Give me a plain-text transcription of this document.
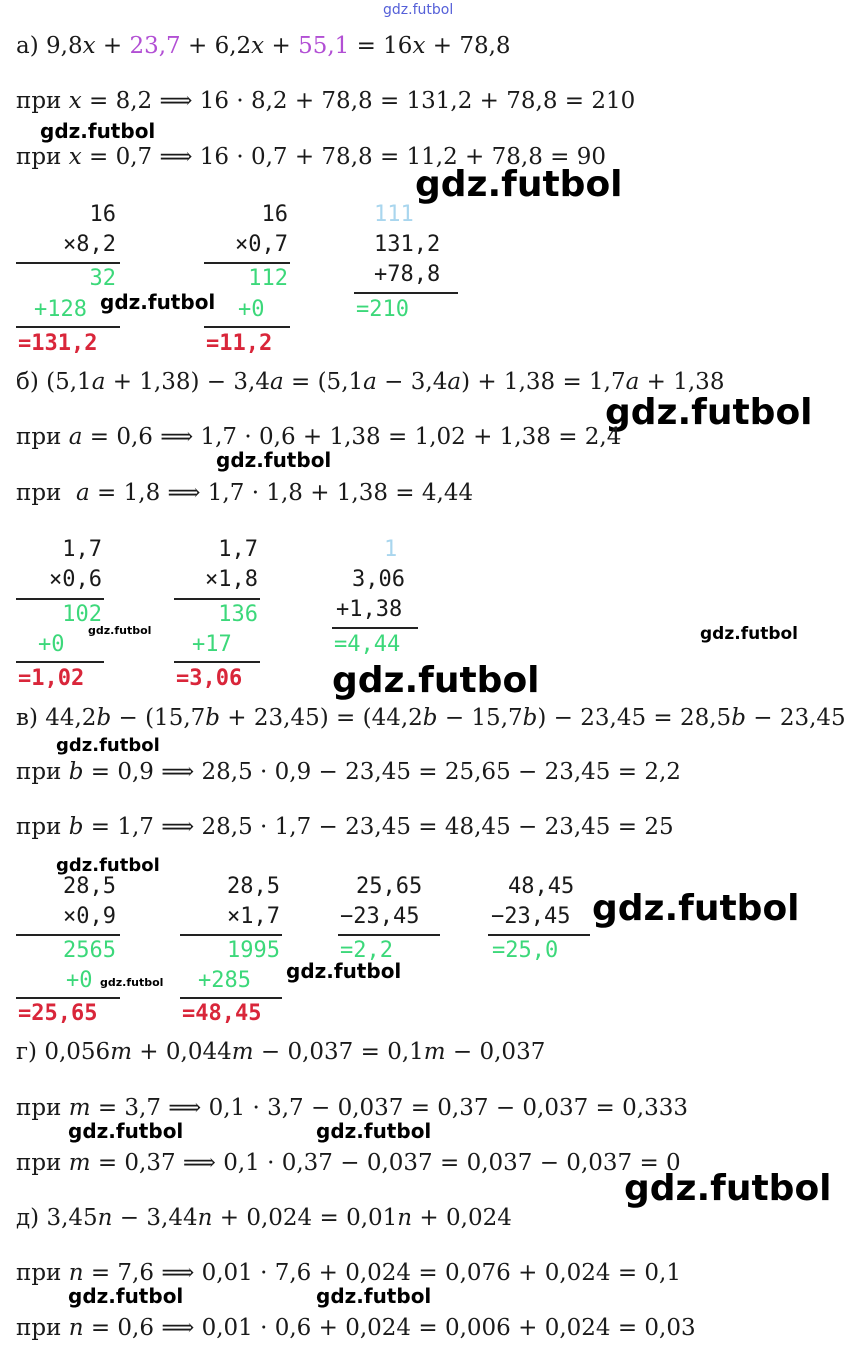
gdz.futbol
а) 9,8x + 23,7 + 6,2x + 55,1 = 16x + 78,8
при x = 8,2 ⟹ 16 · 8,2 + 78,8 = 131,2 + 78,8 = 210
при x = 0,7 ⟹ 16 · 0,7 + 78,8 = 11,2 + 78,8 = 90
gdz.futbol
gdz.futbol
16
×8,2
32
+128
=131,2
16
×0,7
112
+0
=11,2
111
131,2
+78,8
=210
gdz.futbol
б) (5,1a + 1,38) − 3,4a = (5,1a − 3,4a) + 1,38 = 1,7a + 1,38
gdz.futbol
при a = 0,6 ⟹ 1,7 · 0,6 + 1,38 = 1,02 + 1,38 = 2,4
gdz.futbol
при  a = 1,8 ⟹ 1,7 · 1,8 + 1,38 = 4,44
1,7
×0,6
102
+0
=1,02
gdz.futbol
1,7
×1,8
136
+17
=3,06
1
3,06
+1,38
=4,44	gdz.futbol
gdz.futbol
в) 44,2b − (15,7b + 23,45) = (44,2b − 15,7b) − 23,45 = 28,5b − 23,45
gdz.futbol
при b = 0,9 ⟹ 28,5 · 0,9 − 23,45 = 25,65 − 23,45 = 2,2
при b = 1,7 ⟹ 28,5 · 1,7 − 23,45 = 48,45 − 23,45 = 25
gdz.futbol
28,5
×0,9
2565
+0
=25,65
gdz.futbol
28,5
×1,7
1995
+285
=48,45
gdz.futbol
25,65
−23,45
=2,2
48,45
−23,45
=25,0
gdz.futbol
г) 0,056m + 0,044m − 0,037 = 0,1m − 0,037
при m = 3,7 ⟹ 0,1 · 3,7 − 0,037 = 0,37 − 0,037 = 0,333
gdz.futbol	gdz.futbol
при m = 0,37 ⟹ 0,1 · 0,37 − 0,037 = 0,037 − 0,037 = 0
gdz.futbol
д) 3,45n − 3,44n + 0,024 = 0,01n + 0,024
при n = 7,6 ⟹ 0,01 · 7,6 + 0,024 = 0,076 + 0,024 = 0,1
gdz.futbol	gdz.futbol
при n = 0,6 ⟹ 0,01 · 0,6 + 0,024 = 0,006 + 0,024 = 0,03
